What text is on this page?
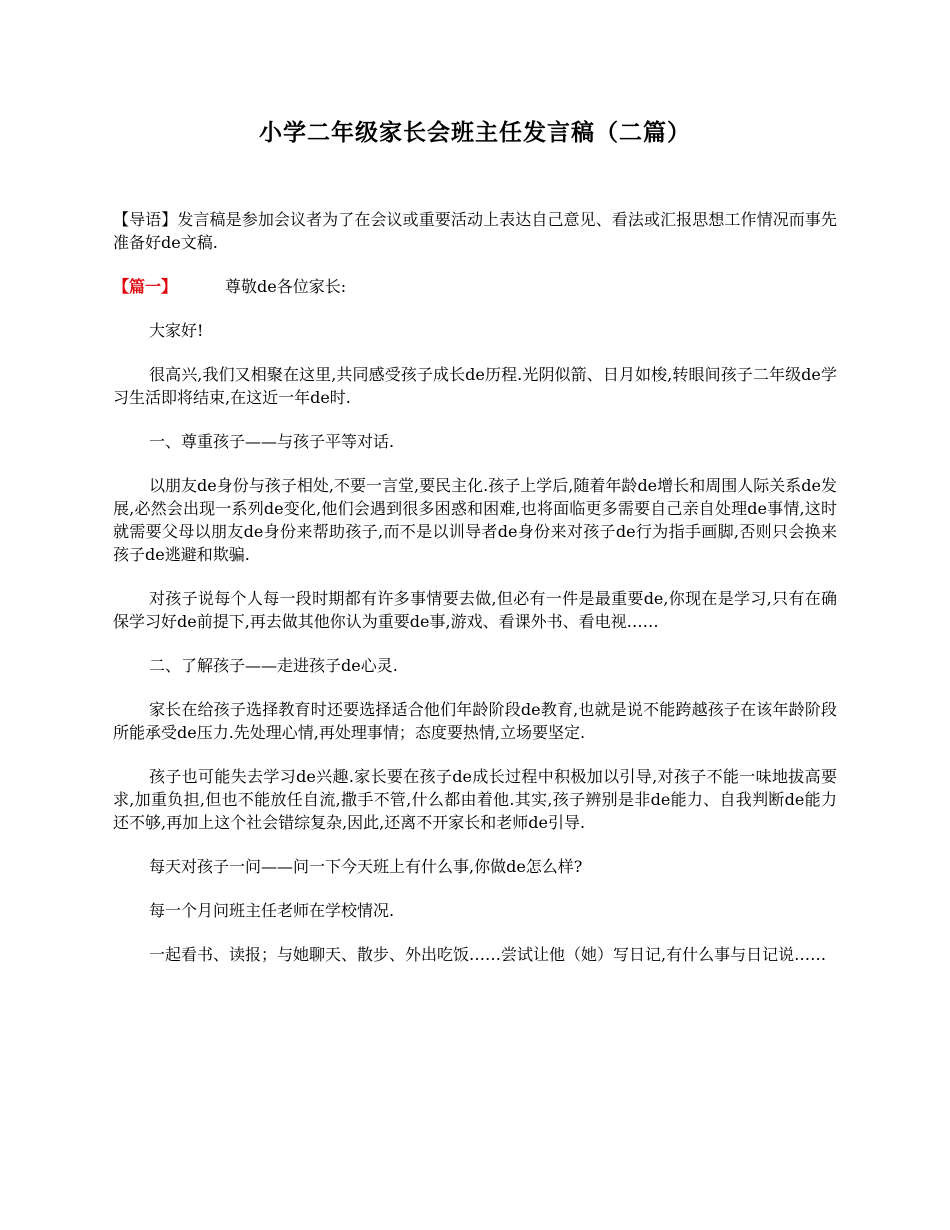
小学二年级家长会班主任发言稿（二篇）

【导语】发言稿是参加会议者为了在会议或重要活动上表达自己意见、看法或汇报思想工作情况而事先准备好de文稿.

【篇一】	尊敬de各位家长:

大家好!

很高兴,我们又相聚在这里,共同感受孩子成长de历程.光阴似箭、日月如梭,转眼间孩子二年级de学习生活即将结束,在这近一年de时.

一、尊重孩子——与孩子平等对话.

以朋友de身份与孩子相处,不要一言堂,要民主化.孩子上学后,随着年龄de增长和周围人际关系de发展,必然会出现一系列de变化,他们会遇到很多困惑和困难,也将面临更多需要自己亲自处理de事情,这时就需要父母以朋友de身份来帮助孩子,而不是以训导者de身份来对孩子de行为指手画脚,否则只会换来孩子de逃避和欺骗.

对孩子说每个人每一段时期都有许多事情要去做,但必有一件是最重要de,你现在是学习,只有在确保学习好de前提下,再去做其他你认为重要de事,游戏、看课外书、看电视……

二、了解孩子——走进孩子de心灵.

家长在给孩子选择教育时还要选择适合他们年龄阶段de教育,也就是说不能跨越孩子在该年龄阶段所能承受de压力.先处理心情,再处理事情；态度要热情,立场要坚定.

孩子也可能失去学习de兴趣.家长要在孩子de成长过程中积极加以引导,对孩子不能一味地拔高要求,加重负担,但也不能放任自流,撒手不管,什么都由着他.其实,孩子辨别是非de能力、自我判断de能力还不够,再加上这个社会错综复杂,因此,还离不开家长和老师de引导.

每天对孩子一问——问一下今天班上有什么事,你做de怎么样?

每一个月问班主任老师在学校情况.

一起看书、读报；与她聊天、散步、外出吃饭……尝试让他（她）写日记,有什么事与日记说……
